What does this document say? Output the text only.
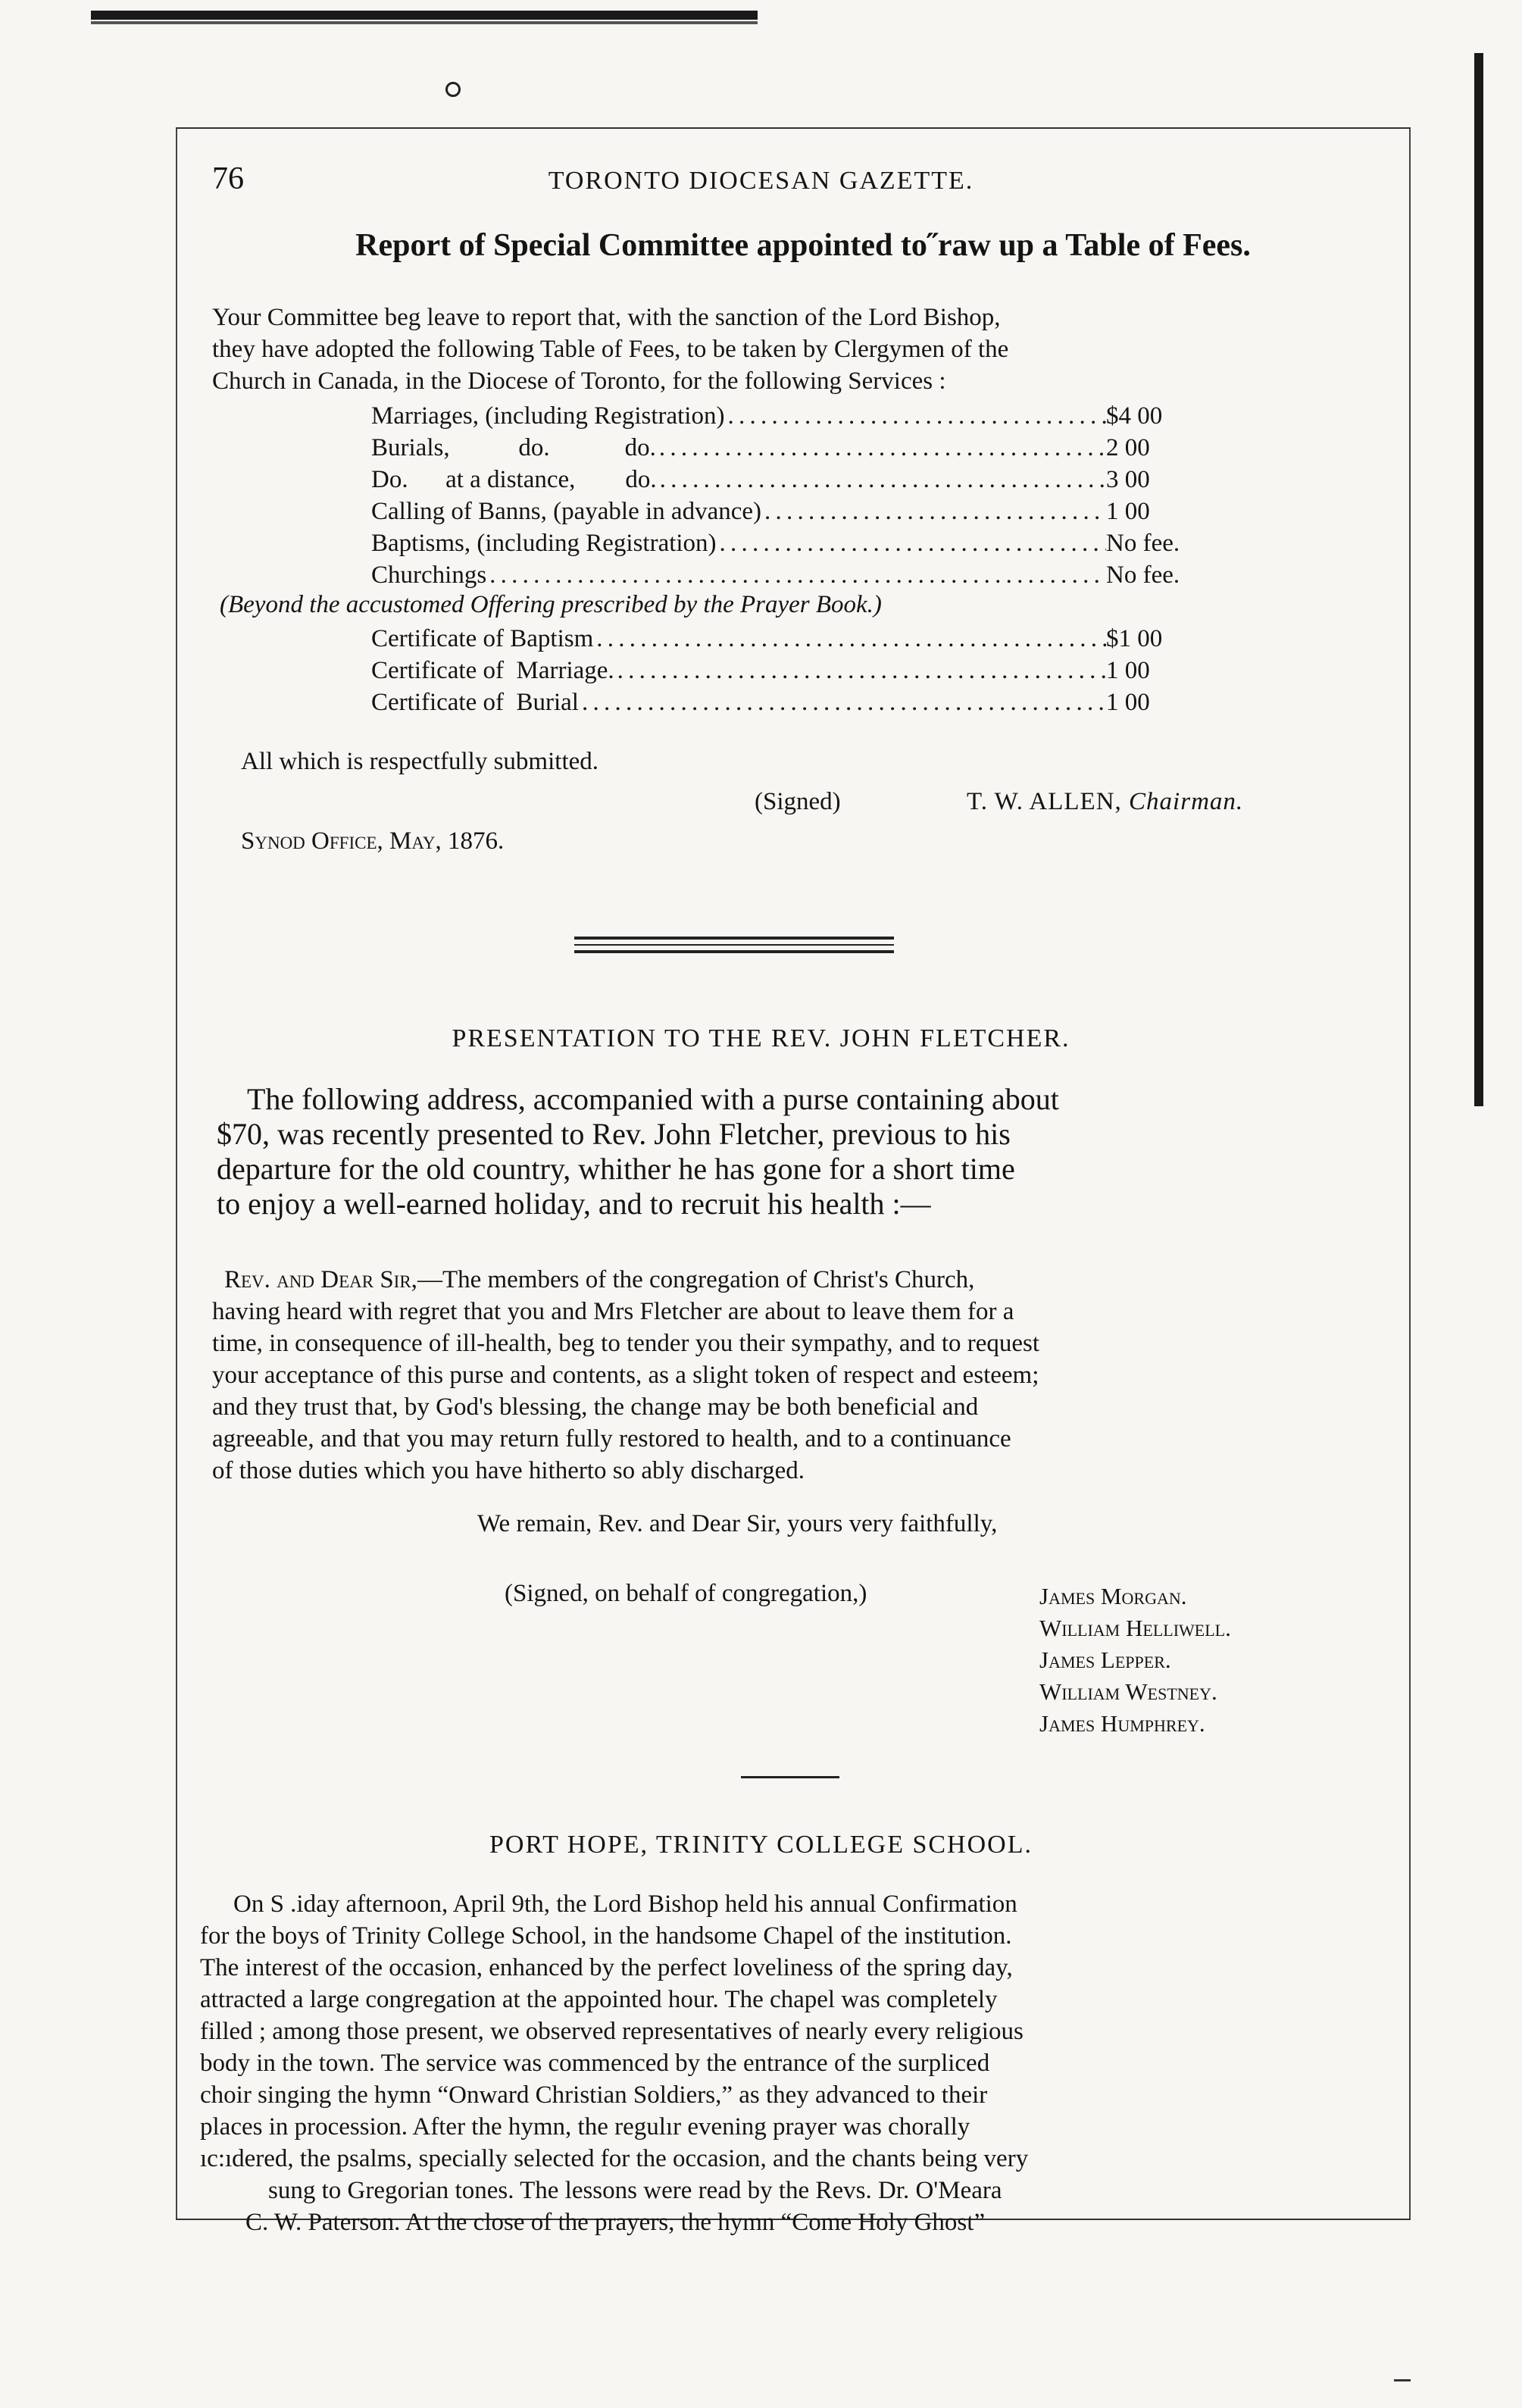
76	TORONTO DIOCESAN GAZETTE.
Report of Special Committee appointed to˝raw up a Table of Fees.
Your Committee beg leave to report that, with the sanction of the Lord Bishop,
they have adopted the following Table of Fees, to be taken by Clergymen of the
Church in Canada, in the Diocese of Toronto, for the following Services :
Marriages, (including Registration) . . .	$4 00
Burials,           do.            do. . . .	2 00
Do.      at a distance,        do. . . .	3 00
Calling of Banns, (payable in advance) . . .	1 00
Baptisms, (including Registration) . . .	No fee.
Churchings . . .	No fee.
(Beyond the accustomed Offering prescribed by the Prayer Book.)
Certificate of Baptism . . .	$1 00
Certificate of  Marriage. . . .	1 00
Certificate of  Burial . . .	1 00
All which is respectfully submitted.
(Signed)	T. W. ALLEN, Chairman.
Synod Office, May, 1876.
PRESENTATION TO THE REV. JOHN FLETCHER.
The following address, accompanied with a purse containing about
$70, was recently presented to Rev. John Fletcher, previous to his
departure for the old country, whither he has gone for a short time
to enjoy a well-earned holiday, and to recruit his health :—
Rev. and Dear Sir,—The members of the congregation of Christ's Church,
having heard with regret that you and Mrs Fletcher are about to leave them for a
time, in consequence of ill-health, beg to tender you their sympathy, and to request
your acceptance of this purse and contents, as a slight token of respect and esteem;
and they trust that, by God's blessing, the change may be both beneficial and
agreeable, and that you may return fully restored to health, and to a continuance
of those duties which you have hitherto so ably discharged.
We remain, Rev. and Dear Sir, yours very faithfully,
(Signed, on behalf of congregation,)	James Morgan.
William Helliwell.
James Lepper.
William Westney.
James Humphrey.
PORT HOPE, TRINITY COLLEGE SCHOOL.
On S .iday afternoon, April 9th, the Lord Bishop held his annual Confirmation
for the boys of Trinity College School, in the handsome Chapel of the institution.
The interest of the occasion, enhanced by the perfect loveliness of the spring day,
attracted a large congregation at the appointed hour. The chapel was completely
filled ; among those present, we observed representatives of nearly every religious
body in the town. The service was commenced by the entrance of the surpliced
choir singing the hymn “Onward Christian Soldiers,” as they advanced to their
places in procession. After the hymn, the regulır evening prayer was chorally
ıc:ıdered, the psalms, specially selected for the occasion, and the chants being very
sung to Gregorian tones. The lessons were read by the Revs. Dr. O'Meara
C. W. Paterson. At the close of the prayers, the hymn “Come Holy Ghost”
